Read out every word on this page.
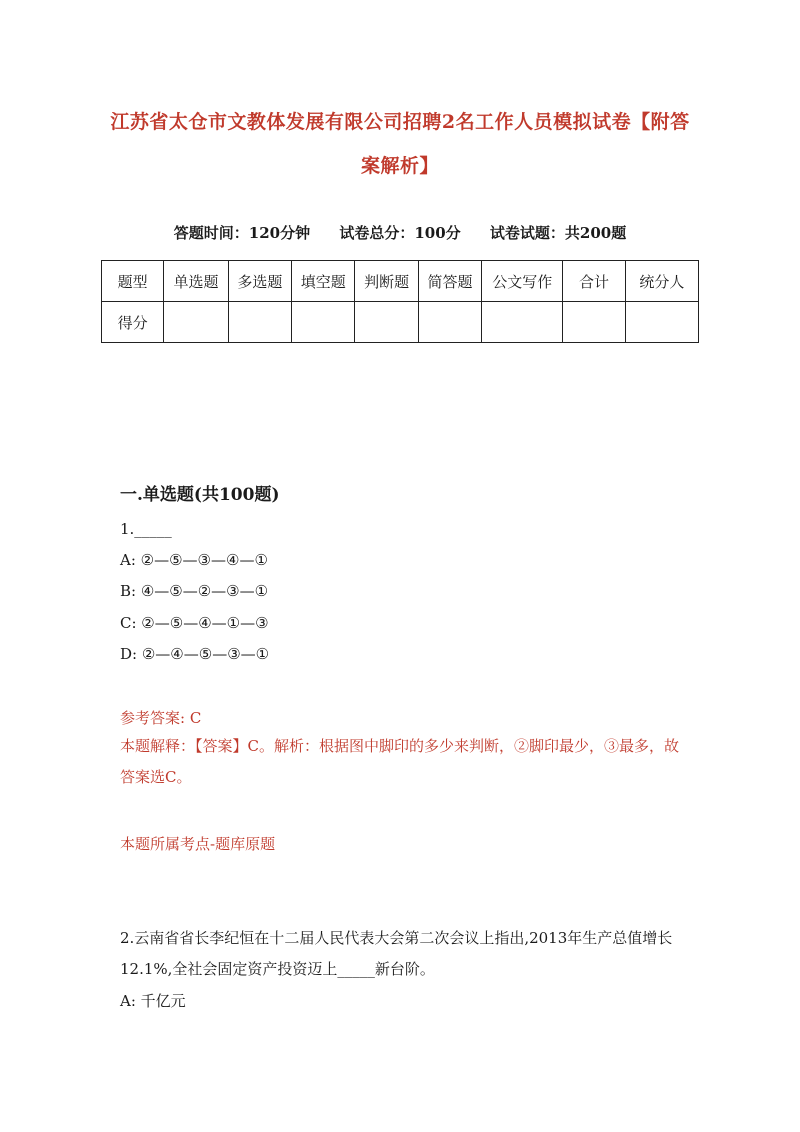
江苏省太仓市文教体发展有限公司招聘2名工作人员模拟试卷【附答案解析】
答题时间：120分钟 试卷总分：100分 试卷试题：共200题
题型	单选题	多选题	填空题	判断题	简答题	公文写作	合计	统分人
得分								
一.单选题(共100题)
1._____
A: ②—⑤—③—④—①
B: ④—⑤—②—③—①
C: ②—⑤—④—①—③
D: ②—④—⑤—③—①
参考答案: C
本题解释：【答案】C。解析：根据图中脚印的多少来判断，②脚印最少，③最多，故答案选C。
本题所属考点-题库原题
2.云南省省长李纪恒在十二届人民代表大会第二次会议上指出,2013年生产总值增长12.1%,全社会固定资产投资迈上_____新台阶。
A: 千亿元
